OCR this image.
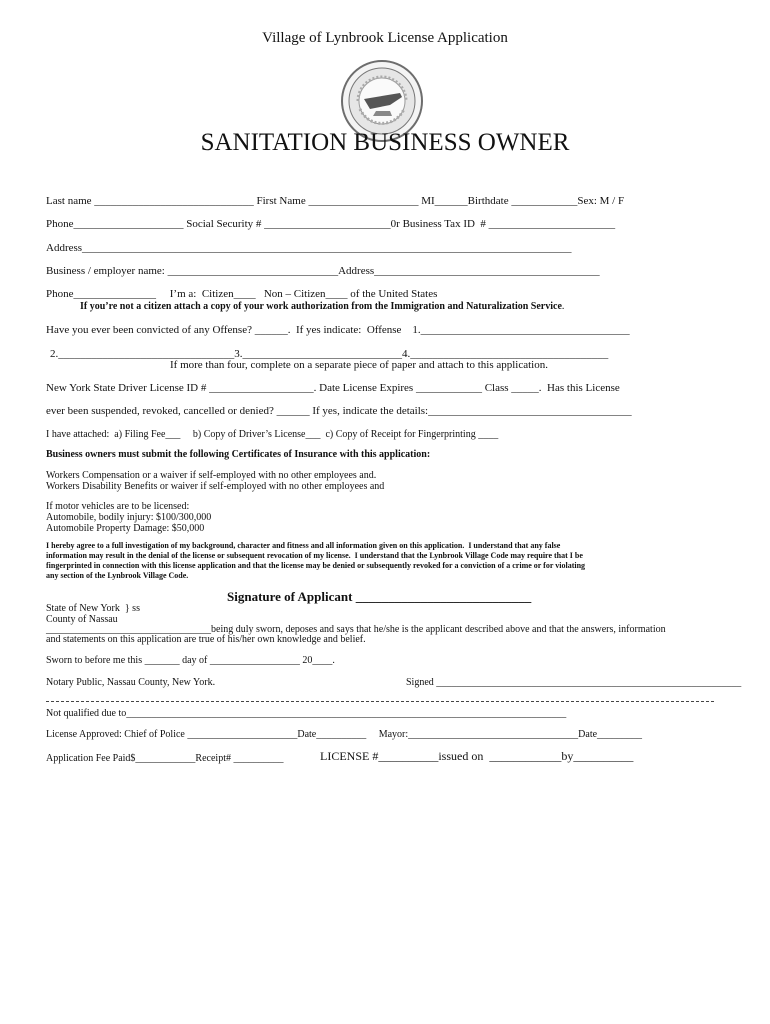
Village of Lynbrook License Application
SANITATION BUSINESS OWNER
Last name _____________________________ First Name ____________________ MI______Birthdate ____________Sex: M / F
Phone____________________ Social Security # _______________________0r Business Tax ID  # _______________________
Address_________________________________________________________________________________________
Business / employer name: _______________________________Address_________________________________________
Phone_______________     I’m a:  Citizen____   Non – Citizen____ of the United States
If you’re not a citizen attach a copy of your work authorization from the Immigration and Naturalization Service.
Have you ever been convicted of any Offense? ______.  If yes indicate:  Offense    1.______________________________________
2.________________________________3._____________________________4.____________________________________
If more than four, complete on a separate piece of paper and attach to this application.
New York State Driver License ID # ___________________. Date License Expires ____________ Class _____.  Has this License
ever been suspended, revoked, cancelled or denied? ______ If yes, indicate the details:_____________________________________
I have attached:  a) Filing Fee___     b) Copy of Driver’s License___  c) Copy of Receipt for Fingerprinting ____
Business owners must submit the following Certificates of Insurance with this application:
Workers Compensation or a waiver if self-employed with no other employees and.
Workers Disability Benefits or waiver if self-employed with no other employees and
If motor vehicles are to be licensed:
Automobile, bodily injury: $100/300,000
Automobile Property Damage: $50,000
I hereby agree to a full investigation of my background, character and fitness and all information given on this application.  I understand that any false
information may result in the denial of the license or subsequent revocation of my license.  I understand that the Lynbrook Village Code may require that I be
fingerprinted in connection with this license application and that the license may be denied or subsequently revoked for a conviction of a crime or for violating
any section of the Lynbrook Village Code.
Signature of Applicant ___________________________
State of New York  } ss
County of Nassau
_________________________________being duly sworn, deposes and says that he/she is the applicant described above and that the answers, information
and statements on this application are true of his/her own knowledge and belief.
Sworn to before me this _______ day of __________________ 20____.
Notary Public, Nassau County, New York.	Signed _____________________________________________________________
Not qualified due to________________________________________________________________________________________
License Approved: Chief of Police ______________________Date__________     Mayor:__________________________________Date_________
Application Fee Paid$____________Receipt# __________	LICENSE #__________issued on  ____________by__________
